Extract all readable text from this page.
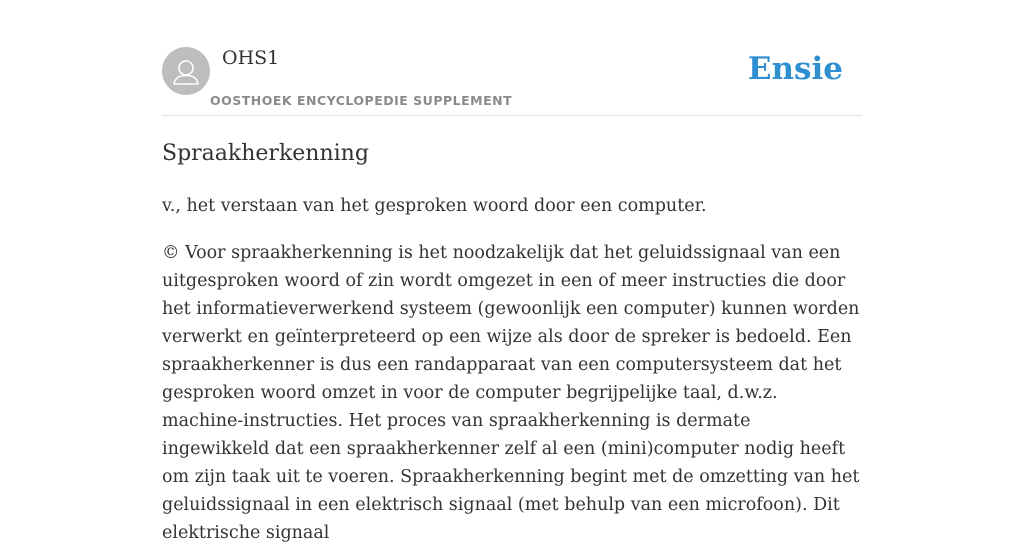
OHS1
OOSTHOEK ENCYCLOPEDIE SUPPLEMENT
Ensie
Spraakherkenning

v., het verstaan van het gesproken woord door een computer.

© Voor spraakherkenning is het noodzakelijk dat het geluidssignaal van een uitgesproken woord of zin wordt omgezet in een of meer instructies die door het informatieverwerkend systeem (gewoonlijk een computer) kunnen worden verwerkt en geïnterpreteerd op een wijze als door de spreker is bedoeld. Een spraakherkenner is dus een randapparaat van een computersysteem dat het gesproken woord omzet in voor de computer begrijpelijke taal, d.w.z. machine-instructies. Het proces van spraakherkenning is dermate ingewikkeld dat een spraakherkenner zelf al een (mini)computer nodig heeft om zijn taak uit te voeren. Spraakherkenning begint met de omzetting van het geluidssignaal in een elektrisch signaal (met behulp van een microfoon). Dit elektrische signaal
